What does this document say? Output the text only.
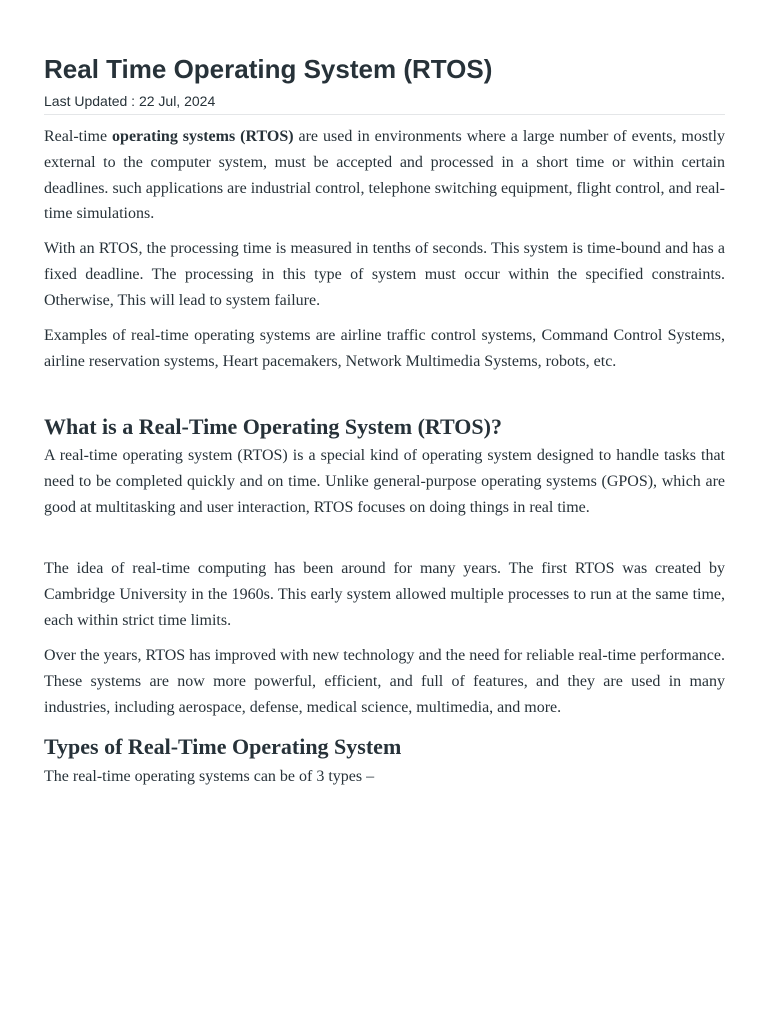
Real Time Operating System (RTOS)
Last Updated : 22 Jul, 2024

Real-time operating systems (RTOS) are used in environments where a large number of events, mostly external to the computer system, must be accepted and processed in a short time or within certain deadlines. such applications are industrial control, telephone switching equipment, flight control, and real-time simulations.

With an RTOS, the processing time is measured in tenths of seconds. This system is time-bound and has a fixed deadline. The processing in this type of system must occur within the specified constraints. Otherwise, This will lead to system failure.

Examples of real-time operating systems are airline traffic control systems, Command Control Systems, airline reservation systems, Heart pacemakers, Network Multimedia Systems, robots, etc.

What is a Real-Time Operating System (RTOS)?

A real-time operating system (RTOS) is a special kind of operating system designed to handle tasks that need to be completed quickly and on time. Unlike general-purpose operating systems (GPOS), which are good at multitasking and user interaction, RTOS focuses on doing things in real time.

The idea of real-time computing has been around for many years. The first RTOS was created by Cambridge University in the 1960s. This early system allowed multiple processes to run at the same time, each within strict time limits.

Over the years, RTOS has improved with new technology and the need for reliable real-time performance. These systems are now more powerful, efficient, and full of features, and they are used in many industries, including aerospace, defense, medical science, multimedia, and more.

Types of Real-Time Operating System

The real-time operating systems can be of 3 types –
